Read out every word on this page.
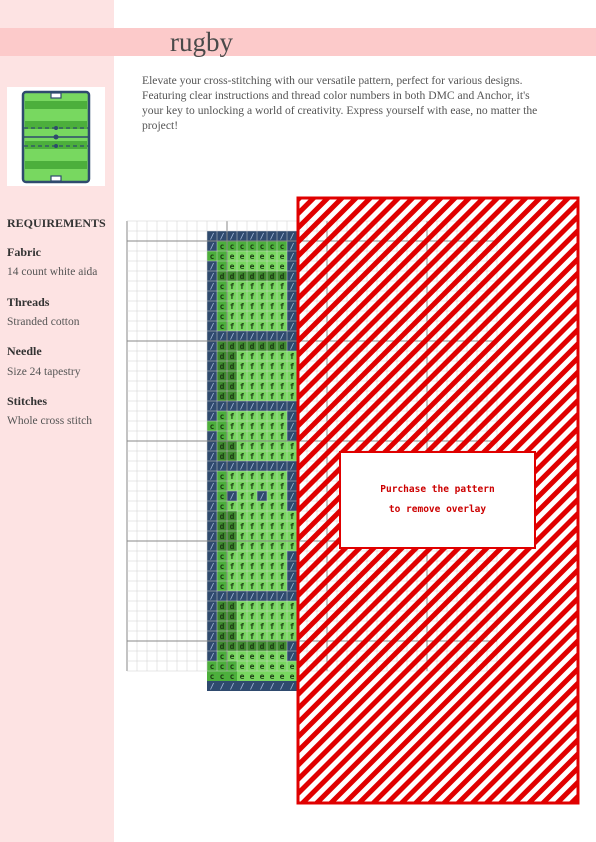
rugby
Elevate your cross-stitching with our versatile pattern, perfect for various designs. Featuring clear instructions and thread color numbers in both DMC and Anchor, it's your key to unlocking a world of creativity. Express yourself with ease, no matter the project!
REQUIREMENTS
Fabric
14 count white aida
Threads
Stranded cotton
Needle
Size 24 tapestry
Stitches
Whole cross stitch
/ / / / / / / / /
/ c c c c c c c /
c c e e e e e e /
/ c e e e e e e /
/ d d d d d d d /
/ c f f f f f f /
/ c f f f f f f /
/ c f f f f f f /
/ c f f f f f f /
/ c f f f f f f /
/ / / / / / / / /
/ d d d d d d d /
/ d d f f f f f f
/ d d f f f f f f
/ d d f f f f f f
/ d d f f f f f f
/ d d f f f f f f
/ / / / / / / / /
/ c f f f f f f /
c c f f f f f f /
/ c f f f f f f /
/ d d f f f f f f
/ d d f f f f f f
/ / / / / / / / /
/ c f f f f f f /
/ c f f f f f f /
/ c / f f / f f /
/ c f f f f f f /
/ d d f f f f f f
/ d d f f f f f f
/ d d f f f f f f
/ d d f f f f f f
/ c f f f f f f /
/ c f f f f f f /
/ c f f f f f f /
/ c f f f f f f /
/ / / / / / / / /
/ d d f f f f f f
/ d d f f f f f f
/ d d f f f f f f
/ d d f f f f f f
/ d d d d d d d /
/ c e e e e e e /
c c c e e e e e e
c c c e e e e e e
/ / / / / / / / /
Purchase the pattern
to remove overlay
